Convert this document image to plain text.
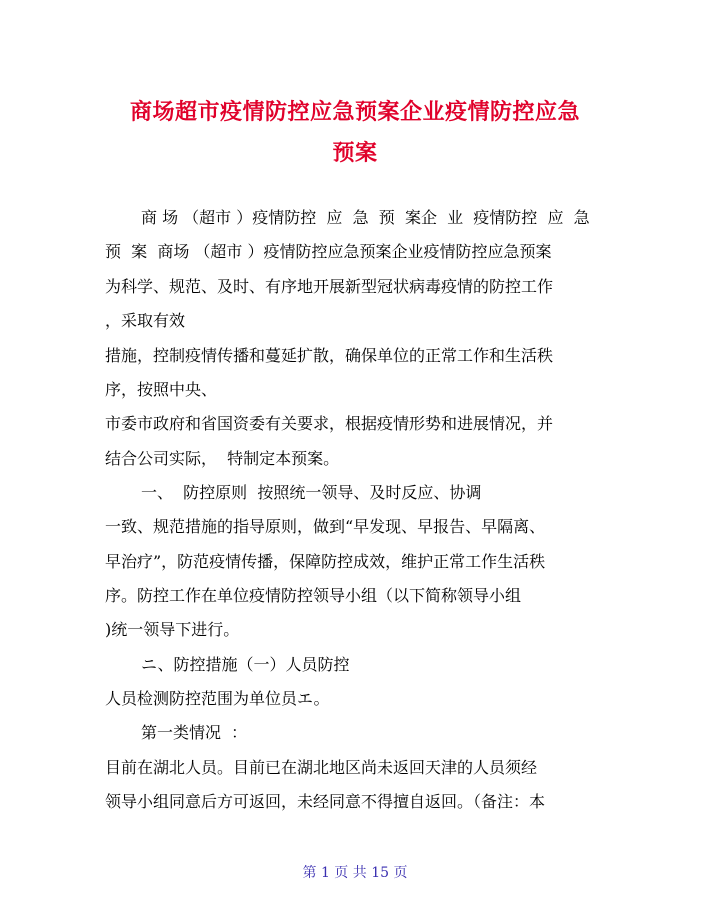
商场超市疫情防控应急预案企业疫情防控应急
预案
商 场 （超市 ）疫情防控  应  急  预  案企  业  疫情防控  应  急
预  案  商场 （超市 ）疫情防控应急预案企业疫情防控应急预案
为科学、规范、及时、有序地开展新型冠状病毒疫情的防控工作
，采取有效
措施，控制疫情传播和蔓延扩散，确保单位的正常工作和生活秩
序，按照中央、
市委市政府和省国资委有关要求，根据疫情形势和进展情况，并
结合公司实际，  特制定本预案。
一、  防控原则  按照统一领导、及时反应、协调
一致、规范措施的指导原则，做到“早发现、早报告、早隔离、
早治疗”，防范疫情传播，保障防控成效，维护正常工作生活秩
序。防控工作在单位疫情防控领导小组（以下简称领导小组
)统一领导下进行。
ニ、防控措施（一）人员防控
人员检测防控范围为单位员エ。
第一类情况  ：
目前在湖北人员。目前已在湖北地区尚未返回天津的人员须经
领导小组同意后方可返回，未经同意不得擅自返回。（备注：本
第 1 页 共 15 页
